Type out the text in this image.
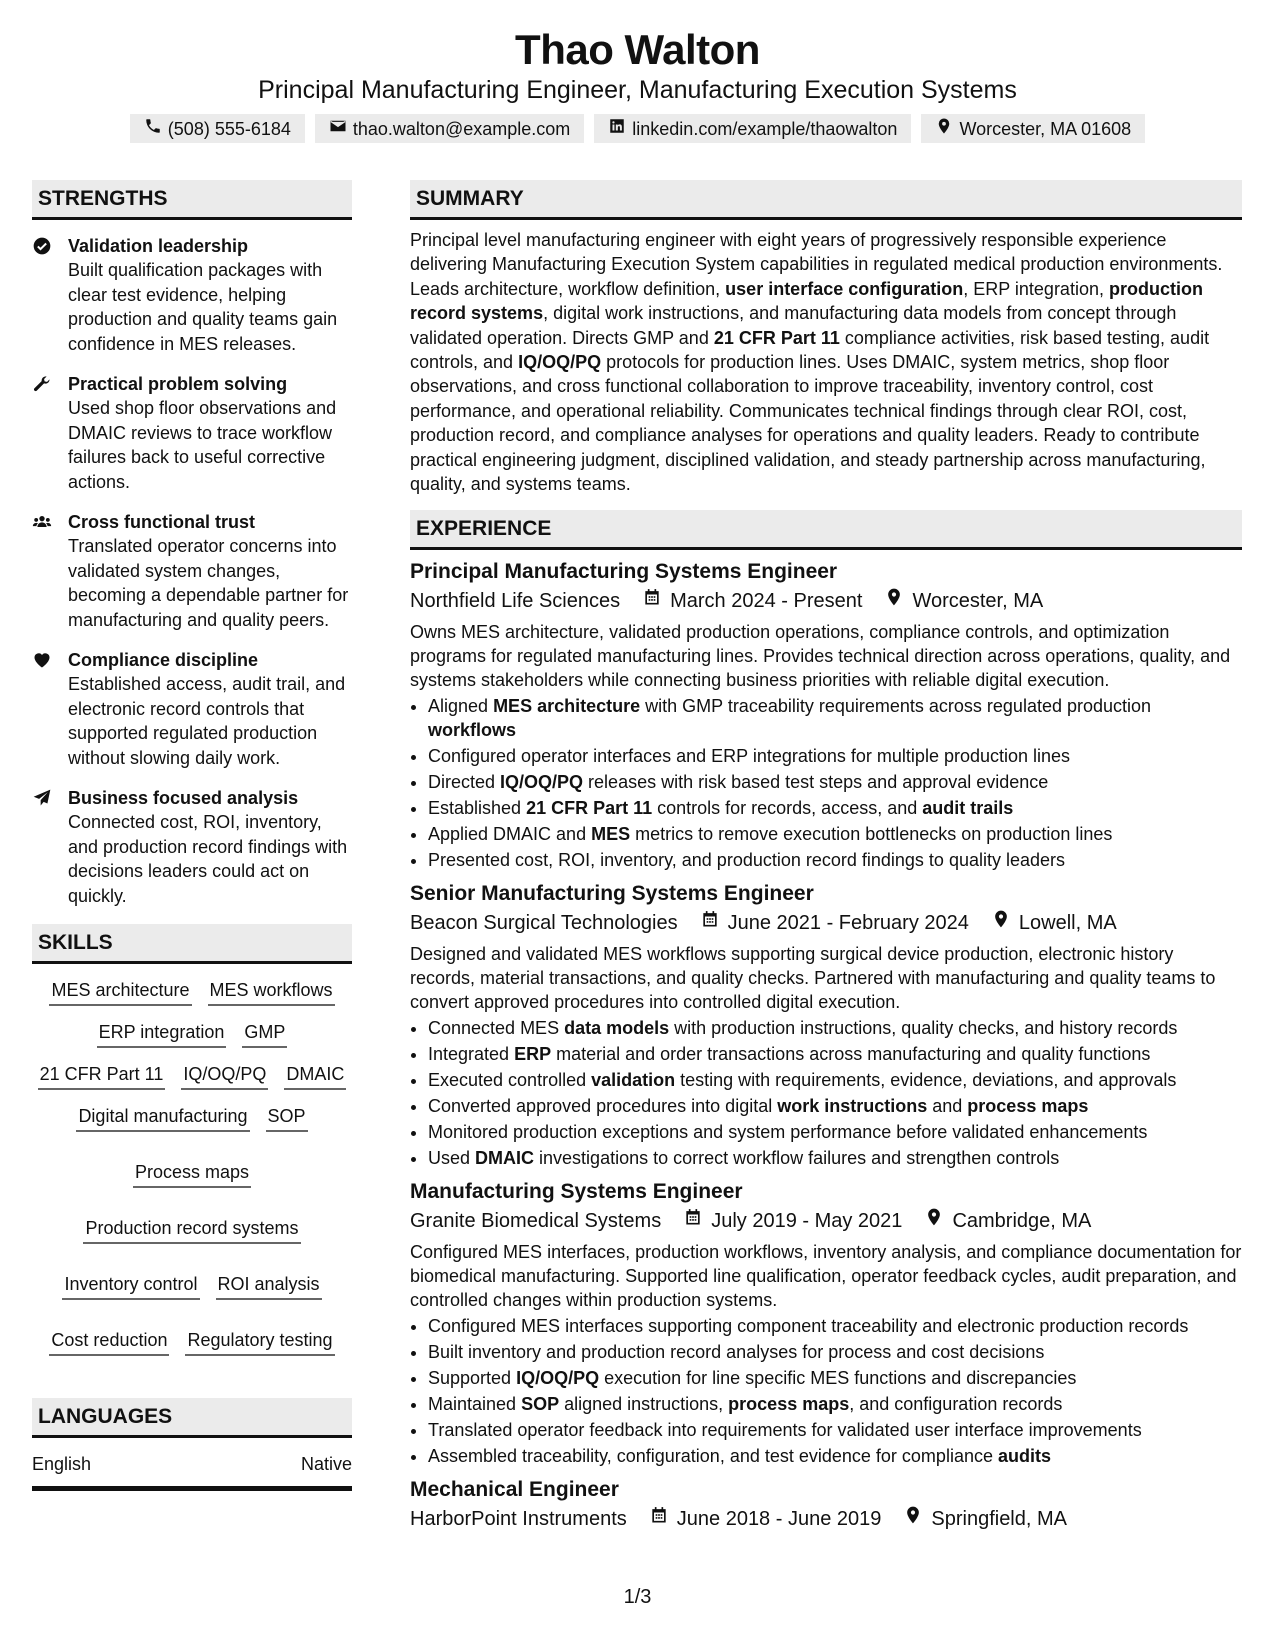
Thao Walton
Principal Manufacturing Engineer, Manufacturing Execution Systems
(508) 555-6184	thao.walton@example.com	linkedin.com/example/thaowalton	Worcester, MA 01608
STRENGTHS
Validation leadership
Built qualification packages with clear test evidence, helping production and quality teams gain confidence in MES releases.
Practical problem solving
Used shop floor observations and DMAIC reviews to trace workflow failures back to useful corrective actions.
Cross functional trust
Translated operator concerns into validated system changes, becoming a dependable partner for manufacturing and quality peers.
Compliance discipline
Established access, audit trail, and electronic record controls that supported regulated production without slowing daily work.
Business focused analysis
Connected cost, ROI, inventory, and production record findings with decisions leaders could act on quickly.
SKILLS
MES architecture MES workflows
ERP integration GMP
21 CFR Part 11 IQ/OQ/PQ DMAIC
Digital manufacturing SOP
Process maps
Production record systems
Inventory control ROI analysis
Cost reduction Regulatory testing
LANGUAGES
English	Native
SUMMARY
Principal level manufacturing engineer with eight years of progressively responsible experience delivering Manufacturing Execution System capabilities in regulated medical production environments. Leads architecture, workflow definition, user interface configuration, ERP integration, production record systems, digital work instructions, and manufacturing data models from concept through validated operation. Directs GMP and 21 CFR Part 11 compliance activities, risk based testing, audit controls, and IQ/OQ/PQ protocols for production lines. Uses DMAIC, system metrics, shop floor observations, and cross functional collaboration to improve traceability, inventory control, cost performance, and operational reliability. Communicates technical findings through clear ROI, cost, production record, and compliance analyses for operations and quality leaders. Ready to contribute practical engineering judgment, disciplined validation, and steady partnership across manufacturing, quality, and systems teams.
EXPERIENCE
Principal Manufacturing Systems Engineer
Northfield Life Sciences	March 2024 - Present	Worcester, MA
Owns MES architecture, validated production operations, compliance controls, and optimization programs for regulated manufacturing lines. Provides technical direction across operations, quality, and systems stakeholders while connecting business priorities with reliable digital execution.
• Aligned MES architecture with GMP traceability requirements across regulated production workflows
• Configured operator interfaces and ERP integrations for multiple production lines
• Directed IQ/OQ/PQ releases with risk based test steps and approval evidence
• Established 21 CFR Part 11 controls for records, access, and audit trails
• Applied DMAIC and MES metrics to remove execution bottlenecks on production lines
• Presented cost, ROI, inventory, and production record findings to quality leaders
Senior Manufacturing Systems Engineer
Beacon Surgical Technologies	June 2021 - February 2024	Lowell, MA
Designed and validated MES workflows supporting surgical device production, electronic history records, material transactions, and quality checks. Partnered with manufacturing and quality teams to convert approved procedures into controlled digital execution.
• Connected MES data models with production instructions, quality checks, and history records
• Integrated ERP material and order transactions across manufacturing and quality functions
• Executed controlled validation testing with requirements, evidence, deviations, and approvals
• Converted approved procedures into digital work instructions and process maps
• Monitored production exceptions and system performance before validated enhancements
• Used DMAIC investigations to correct workflow failures and strengthen controls
Manufacturing Systems Engineer
Granite Biomedical Systems	July 2019 - May 2021	Cambridge, MA
Configured MES interfaces, production workflows, inventory analysis, and compliance documentation for biomedical manufacturing. Supported line qualification, operator feedback cycles, audit preparation, and controlled changes within production systems.
• Configured MES interfaces supporting component traceability and electronic production records
• Built inventory and production record analyses for process and cost decisions
• Supported IQ/OQ/PQ execution for line specific MES functions and discrepancies
• Maintained SOP aligned instructions, process maps, and configuration records
• Translated operator feedback into requirements for validated user interface improvements
• Assembled traceability, configuration, and test evidence for compliance audits
Mechanical Engineer
HarborPoint Instruments	June 2018 - June 2019	Springfield, MA
1/3
